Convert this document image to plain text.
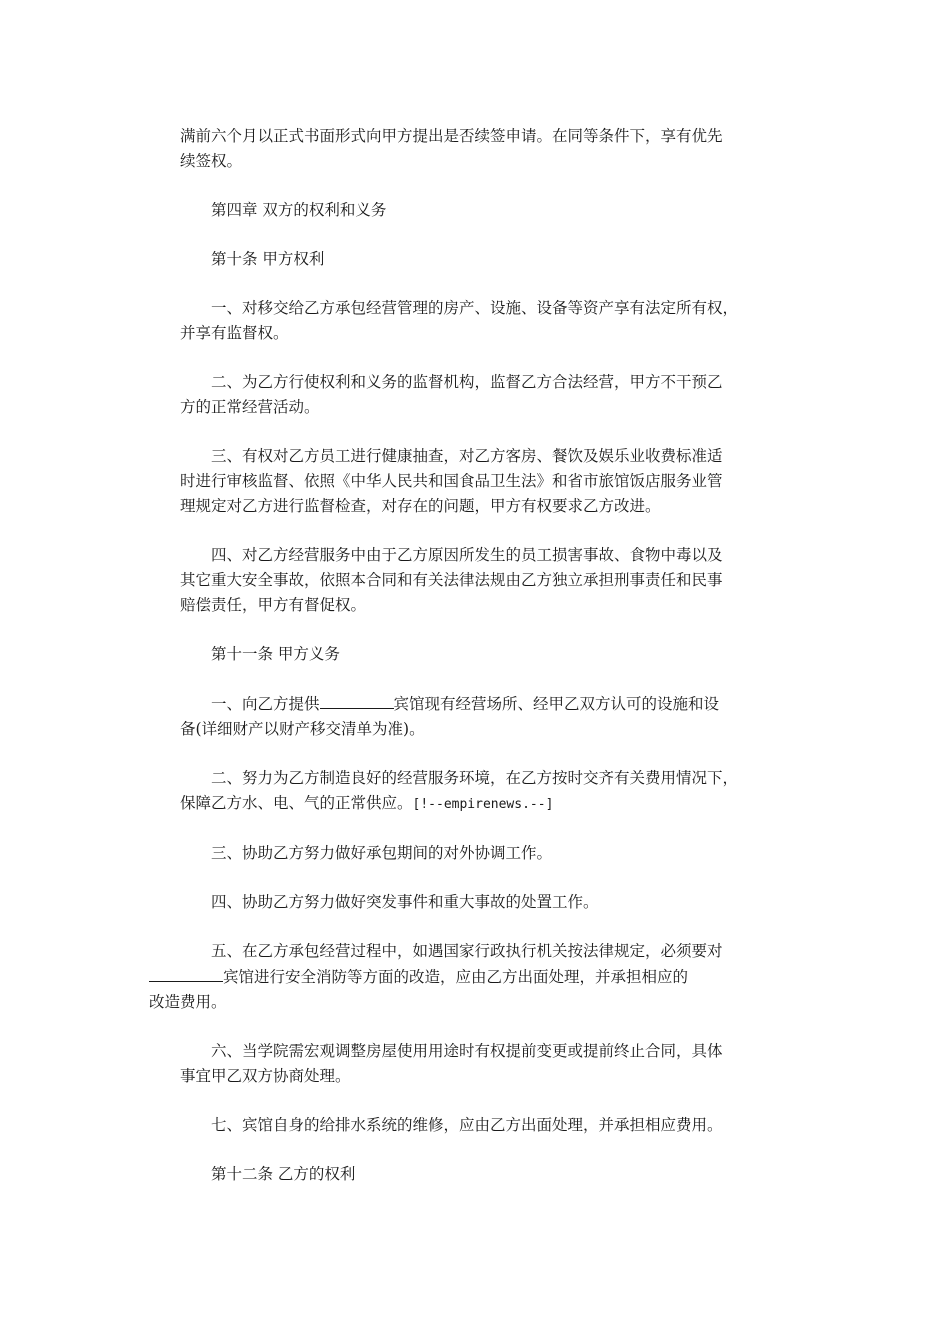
满前六个月以正式书面形式向甲方提出是否续签申请。在同等条件下，享有优先
续签权。

第四章 双方的权利和义务

第十条 甲方权利

一、对移交给乙方承包经营管理的房产、设施、设备等资产享有法定所有权，
并享有监督权。

二、为乙方行使权利和义务的监督机构，监督乙方合法经营，甲方不干预乙
方的正常经营活动。

三、有权对乙方员工进行健康抽查，对乙方客房、餐饮及娱乐业收费标准适
时进行审核监督、依照《中华人民共和国食品卫生法》和省市旅馆饭店服务业管
理规定对乙方进行监督检查，对存在的问题，甲方有权要求乙方改进。

四、对乙方经营服务中由于乙方原因所发生的员工损害事故、食物中毒以及
其它重大安全事故，依照本合同和有关法律法规由乙方独立承担刑事责任和民事
赔偿责任，甲方有督促权。

第十一条 甲方义务

一、向乙方提供	宾馆现有经营场所、经甲乙双方认可的设施和设
备(详细财产以财产移交清单为准)。

二、努力为乙方制造良好的经营服务环境，在乙方按时交齐有关费用情况下，
保障乙方水、电、气的正常供应。[!--empirenews.--]

三、协助乙方努力做好承包期间的对外协调工作。

四、协助乙方努力做好突发事件和重大事故的处置工作。

五、在乙方承包经营过程中，如遇国家行政执行机关按法律规定，必须要对
宾馆进行安全消防等方面的改造，应由乙方出面处理，并承担相应的
改造费用。

六、当学院需宏观调整房屋使用用途时有权提前变更或提前终止合同，具体
事宜甲乙双方协商处理。

七、宾馆自身的给排水系统的维修，应由乙方出面处理，并承担相应费用。

第十二条 乙方的权利
